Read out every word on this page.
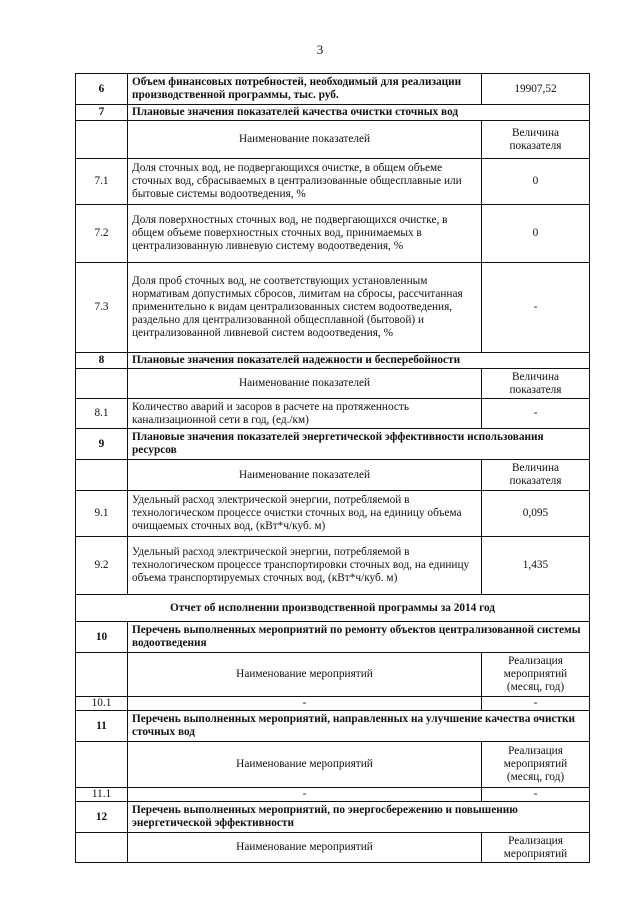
3
6	Объем финансовых потребностей, необходимый для реализации производственной программы, тыс. руб.	19907,52
7	Плановые значения показателей качества очистки сточных вод	
	Наименование показателей	Величина показателя
7.1	Доля сточных вод, не подвергающихся очистке, в общем объеме сточных вод, сбрасываемых в централизованные общесплавные или бытовые системы водоотведения, %	0
7.2	Доля поверхностных сточных вод, не подвергающихся очистке, в общем объеме поверхностных сточных вод, принимаемых в централизованную ливневую систему водоотведения, %	0
7.3	Доля проб сточных вод, не соответствующих установленным нормативам допустимых сбросов, лимитам на сбросы, рассчитанная применительно к видам централизованных систем водоотведения, раздельно для централизованной общесплавной (бытовой) и централизованной ливневой систем водоотведения, %	-
8	Плановые значения показателей надежности и бесперебойности	
	Наименование показателей	Величина показателя
8.1	Количество аварий и засоров в расчете на протяженность канализационной сети в год, (ед./км)	-
9	Плановые значения показателей энергетической эффективности использования ресурсов	
	Наименование показателей	Величина показателя
9.1	Удельный расход электрической энергии, потребляемой в технологическом процессе очистки сточных вод, на единицу объема очищаемых сточных вод, (кВт*ч/куб. м)	0,095
9.2	Удельный расход электрической энергии, потребляемой в технологическом процессе транспортировки сточных вод, на единицу объема транспортируемых сточных вод, (кВт*ч/куб. м)	1,435
Отчет об исполнении производственной программы за 2014 год		
10	Перечень выполненных мероприятий по ремонту объектов централизованной системы водоотведения	
	Наименование мероприятий	Реализация мероприятий (месяц, год)
10.1	-	-
11	Перечень выполненных мероприятий, направленных на улучшение качества очистки сточных вод	
	Наименование мероприятий	Реализация мероприятий (месяц, год)
11.1	-	-
12	Перечень выполненных мероприятий, по энергосбережению и повышению энергетической эффективности	
	Наименование мероприятий	Реализация мероприятий
